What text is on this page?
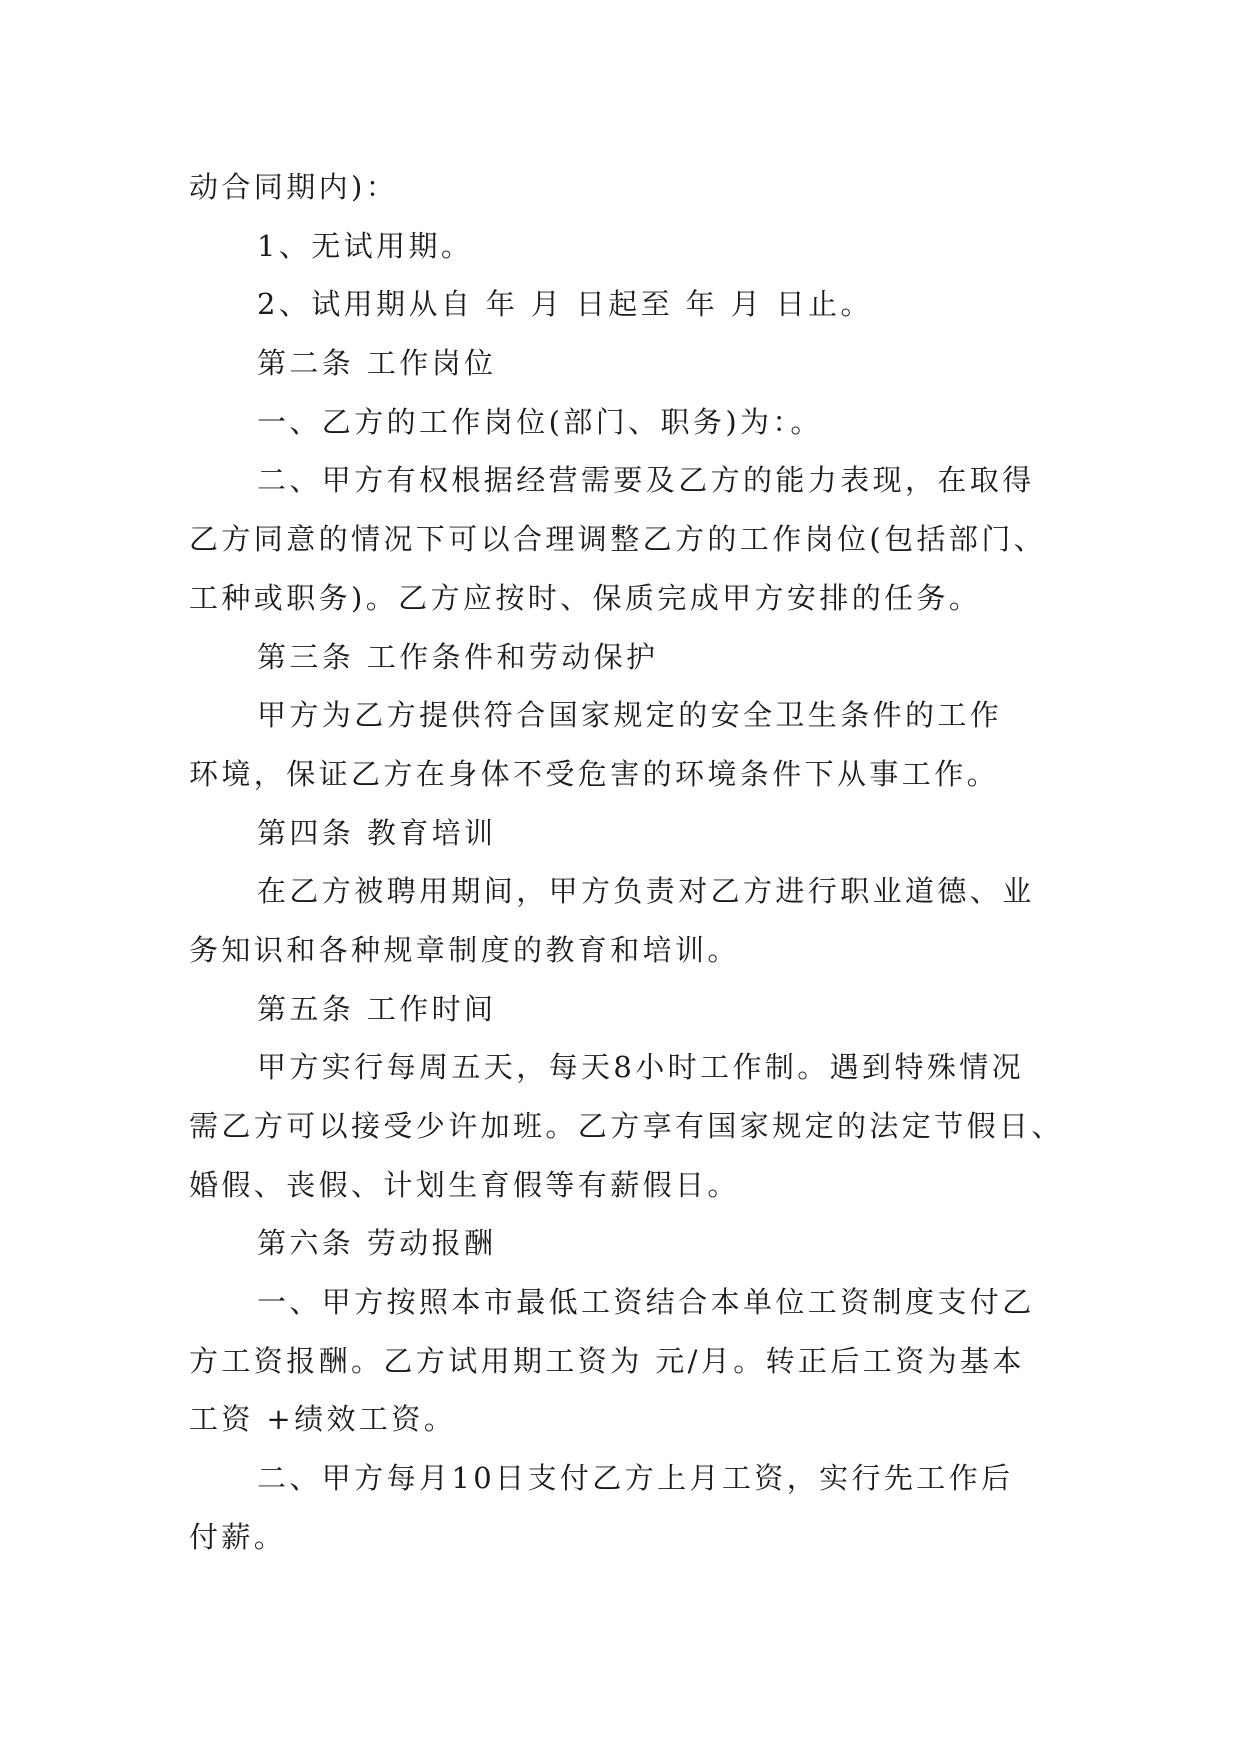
动合同期内)：
1、无试用期。
2、试用期从自 年 月 日起至 年 月 日止。
第二条 工作岗位
一、乙方的工作岗位(部门、职务)为：。
二、甲方有权根据经营需要及乙方的能力表现，在取得
乙方同意的情况下可以合理调整乙方的工作岗位(包括部门、
工种或职务)。乙方应按时、保质完成甲方安排的任务。
第三条 工作条件和劳动保护
甲方为乙方提供符合国家规定的安全卫生条件的工作
环境，保证乙方在身体不受危害的环境条件下从事工作。
第四条 教育培训
在乙方被聘用期间，甲方负责对乙方进行职业道德、业
务知识和各种规章制度的教育和培训。
第五条 工作时间
甲方实行每周五天，每天8小时工作制。遇到特殊情况
需乙方可以接受少许加班。乙方享有国家规定的法定节假日、
婚假、丧假、计划生育假等有薪假日。
第六条 劳动报酬
一、甲方按照本市最低工资结合本单位工资制度支付乙
方工资报酬。乙方试用期工资为 元/月。转正后工资为基本
工资 +绩效工资。
二、甲方每月10日支付乙方上月工资，实行先工作后
付薪。
